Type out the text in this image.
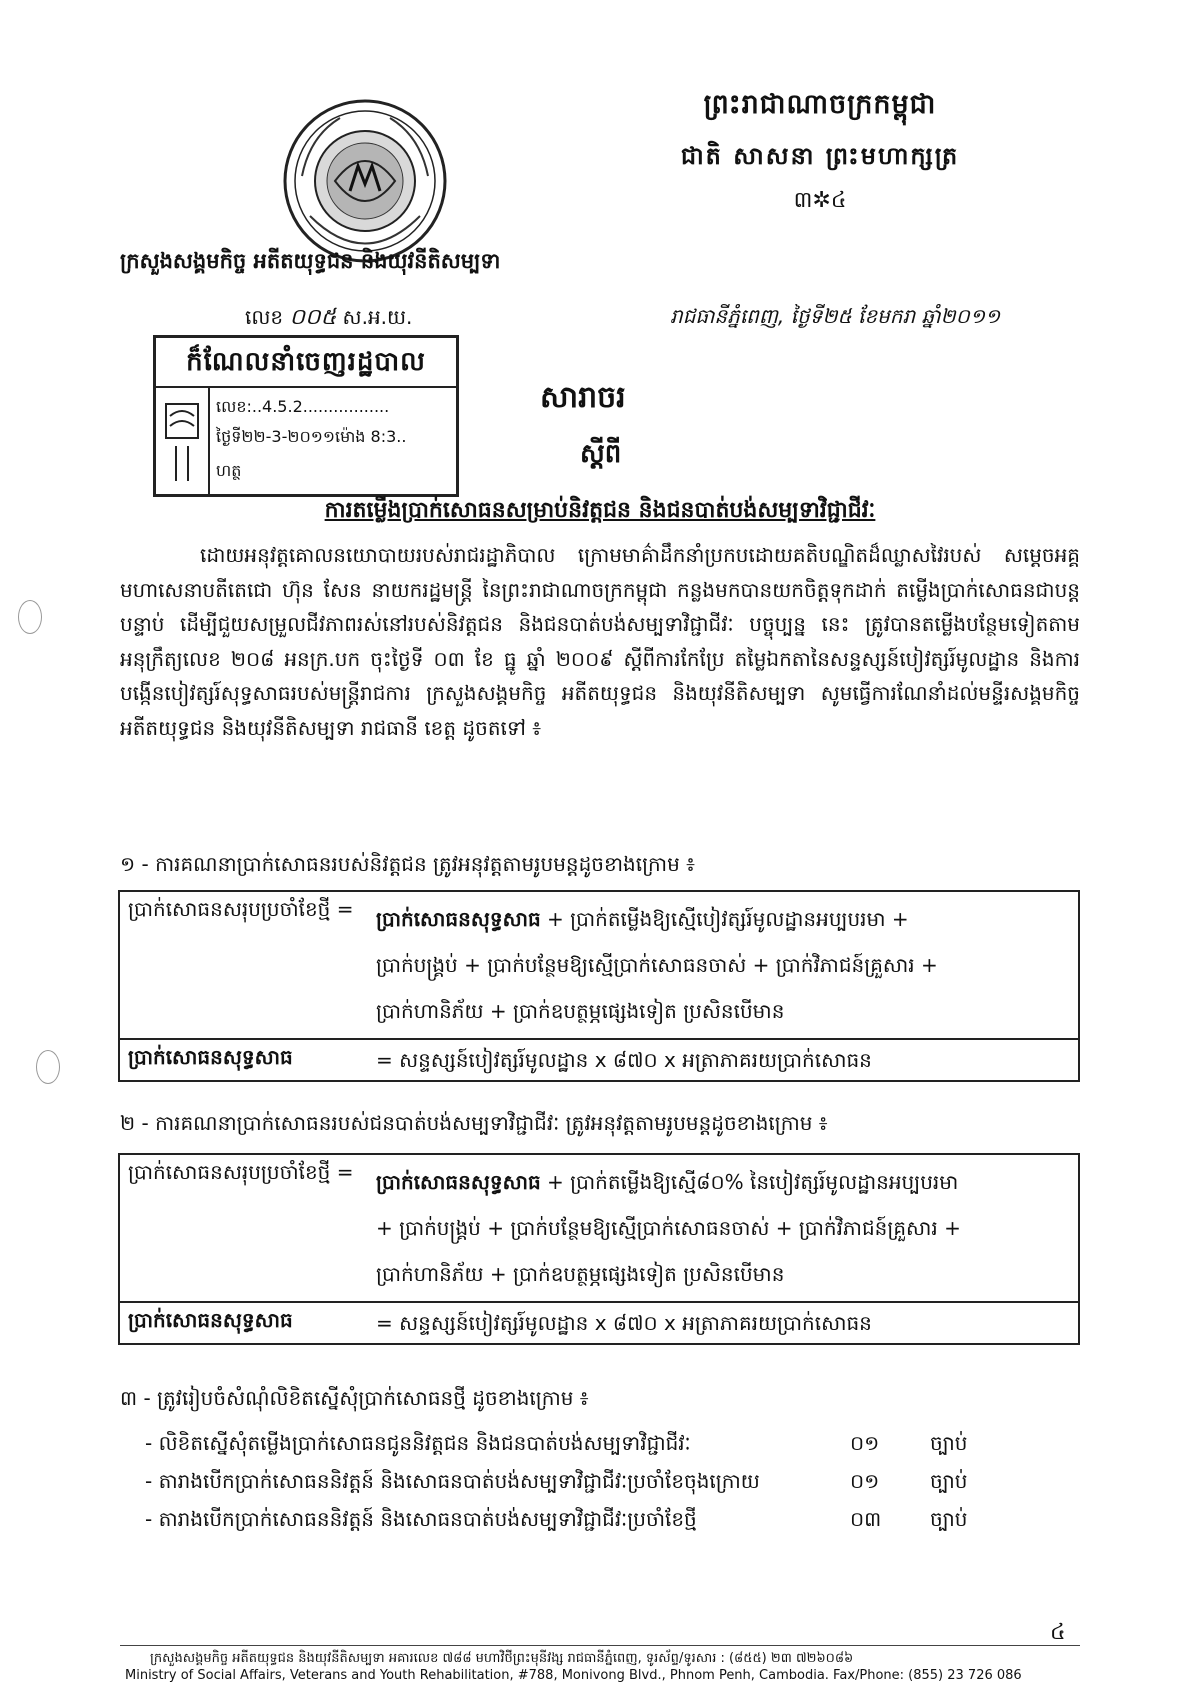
ព្រះរាជាណាចក្រកម្ពុជា
ជាតិ សាសនា ព្រះមហាក្សត្រ
៣✲៤
ក្រសួងសង្គមកិច្ច អតីតយុទ្ធជន និងយុវនីតិសម្បទា
លេខ ០០៥ ស.អ.យ.	រាជធានីភ្នំពេញ, ថ្ងៃទី២៥ ខែមករា ឆ្នាំ២០១១
ក៏ណែលនាំចេញរដ្ឋបាល
លេខ:..4.5.2.................
ថ្ងៃទី២២-3-២០១១ម៉ោង 8:3..
ហត្ថ
សារាចរ
ស្តីពី
ការតម្លើងប្រាក់សោធនសម្រាប់និវត្តជន និងជនបាត់បង់សម្បទាវិជ្ជាជីវៈ
ដោយអនុវត្តគោលនយោបាយរបស់រាជរដ្ឋាភិបាល ក្រោមមាគ៌ាដឹកនាំប្រកបដោយគតិបណ្ឌិតដ៏ឈ្លាសវៃរបស់ សម្តេចអគ្គមហាសេនាបតីតេជោ ហ៊ុន សែន នាយករដ្ឋមន្ត្រី នៃព្រះរាជាណាចក្រកម្ពុជា កន្លងមកបានយកចិត្តទុកដាក់ តម្លើងប្រាក់សោធនជាបន្តបន្ទាប់ ដើម្បីជួយសម្រួលជីវភាពរស់នៅរបស់និវត្តជន និងជនបាត់បង់សម្បទាវិជ្ជាជីវៈ បច្ចុប្បន្ន នេះ ត្រូវបានតម្លើងបន្ថែមទៀតតាមអនុក្រឹត្យលេខ ២០៨ អនក្រ.បក ចុះថ្ងៃទី ០៣ ខែ ធ្នូ ឆ្នាំ ២០០៩ ស្តីពីការកែប្រែ តម្លៃឯកតានៃសន្ទស្សន៍បៀវត្សរ៍មូលដ្ឋាន និងការបង្កើនបៀវត្សរ៍សុទ្ធសាធរបស់មន្ត្រីរាជការ ក្រសួងសង្គមកិច្ច អតីតយុទ្ធជន និងយុវនីតិសម្បទា សូមធ្វើការណែនាំដល់មន្ទីរសង្គមកិច្ច អតីតយុទ្ធជន និងយុវនីតិសម្បទា រាជធានី ខេត្ត ដូចតទៅ ៖
១ - ការគណនាប្រាក់សោធនរបស់និវត្តជន ត្រូវអនុវត្តតាមរូបមន្តដូចខាងក្រោម ៖
ប្រាក់សោធនសរុបប្រចាំខែថ្មី =	ប្រាក់សោធនសុទ្ធសាធ + ប្រាក់តម្លើងឱ្យស្មើបៀវត្សរ៍មូលដ្ឋានអប្បបរមា +
ប្រាក់បង្គ្រប់ + ប្រាក់បន្ថែមឱ្យស្មើប្រាក់សោធនចាស់ + ប្រាក់វិភាជន៍គ្រួសារ +
ប្រាក់ហានិភ័យ + ប្រាក់ឧបត្ថម្ភផ្សេងទៀត ប្រសិនបើមាន

ប្រាក់សោធនសុទ្ធសាធ	= សន្ទស្សន៍បៀវត្សរ៍មូលដ្ឋាន x ៨៧០ x អត្រាភាគរយប្រាក់សោធន
២ - ការគណនាប្រាក់សោធនរបស់ជនបាត់បង់សម្បទាវិជ្ជាជីវៈ ត្រូវអនុវត្តតាមរូបមន្តដូចខាងក្រោម ៖
ប្រាក់សោធនសរុបប្រចាំខែថ្មី =	ប្រាក់សោធនសុទ្ធសាធ + ប្រាក់តម្លើងឱ្យស្មើ៨០% នៃបៀវត្សរ៍មូលដ្ឋានអប្បបរមា
+ ប្រាក់បង្គ្រប់ + ប្រាក់បន្ថែមឱ្យស្មើប្រាក់សោធនចាស់ + ប្រាក់វិភាជន៍គ្រួសារ +
ប្រាក់ហានិភ័យ + ប្រាក់ឧបត្ថម្ភផ្សេងទៀត ប្រសិនបើមាន

ប្រាក់សោធនសុទ្ធសាធ	= សន្ទស្សន៍បៀវត្សរ៍មូលដ្ឋាន x ៨៧០ x អត្រាភាគរយប្រាក់សោធន
៣ - ត្រូវរៀបចំសំណុំលិខិតស្នើសុំប្រាក់សោធនថ្មី ដូចខាងក្រោម ៖
- លិខិតស្នើសុំតម្លើងប្រាក់សោធនជូននិវត្តជន និងជនបាត់បង់សម្បទាវិជ្ជាជីវៈ	០១	ច្បាប់
- តារាងបើកប្រាក់សោធននិវត្តន៍ និងសោធនបាត់បង់សម្បទាវិជ្ជាជីវៈប្រចាំខែចុងក្រោយ	០១	ច្បាប់
- តារាងបើកប្រាក់សោធននិវត្តន៍ និងសោធនបាត់បង់សម្បទាវិជ្ជាជីវៈប្រចាំខែថ្មី	០៣ ច្បាប់
៤
ក្រសួងសង្គមកិច្ច អតីតយុទ្ធជន និងយុវនីតិសម្បទា អគារលេខ ៧៨៨ មហាវិថីព្រះមុនីវង្ស រាជធានីភ្នំពេញ, ទូរស័ព្ទ/ទូរសារ : (៨៥៥) ២៣ ៧២៦០៨៦
Ministry of Social Affairs, Veterans and Youth Rehabilitation, #788, Monivong Blvd., Phnom Penh, Cambodia. Fax/Phone: (855) 23 726 086
